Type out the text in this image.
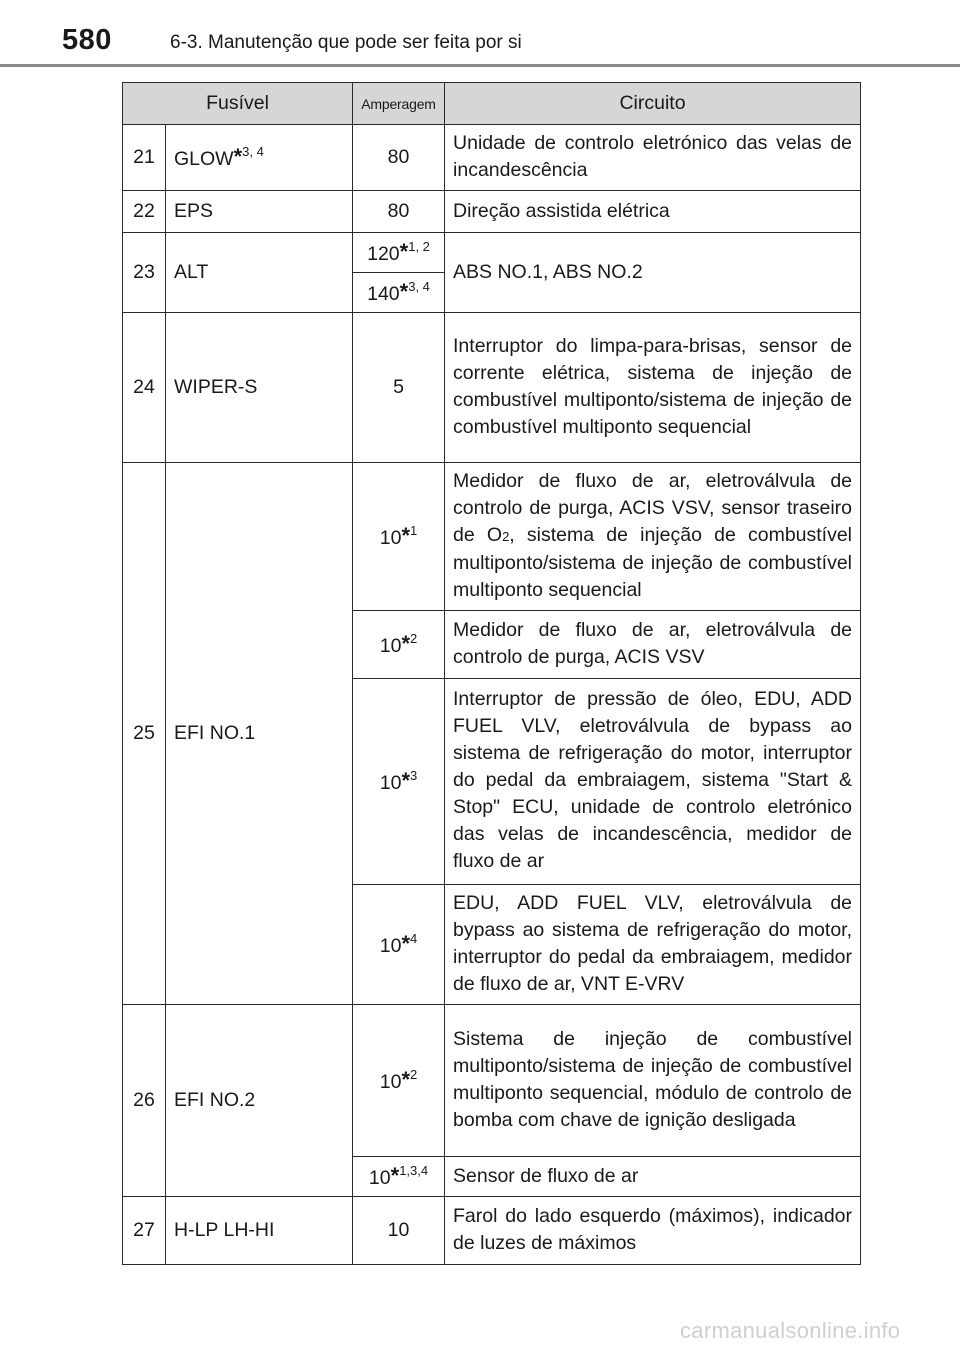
580	6-3. Manutenção que pode ser feita por si
Fusível		Amperagem	Circuito
21	GLOW*$^{3, 4}$	80	Unidade de controlo eletrónico das velas de incandescência
22	EPS	80	Direção assistida elétrica
23	ALT	120*$^{1, 2}$	ABS NO.1, ABS NO.2
		140*$^{3, 4}$
24	WIPER-S	5	Interruptor do limpa-para-brisas, sensor de corrente elétrica, sistema de injeção de combustível multiponto/sistema de injeção de combustível multiponto sequencial
25	EFI NO.1	10*$^1$	Medidor de fluxo de ar, eletroválvula de controlo de purga, ACIS VSV, sensor traseiro de O2, sistema de injeção de combustível multiponto/sistema de injeção de combustível multiponto sequencial
		10*$^2$	Medidor de fluxo de ar, eletroválvula de controlo de purga, ACIS VSV
		10*$^3$	Interruptor de pressão de óleo, EDU, ADD FUEL VLV, eletroválvula de bypass ao sistema de refrigeração do motor, interruptor do pedal da embraiagem, sistema "Start & Stop" ECU, unidade de controlo eletrónico das velas de incandescência, medidor de fluxo de ar
		10*$^4$	EDU, ADD FUEL VLV, eletroválvula de bypass ao sistema de refrigeração do motor, interruptor do pedal da embraiagem, medidor de fluxo de ar, VNT E-VRV
26	EFI NO.2	10*$^2$	Sistema de injeção de combustível multiponto/sistema de injeção de combustível multiponto sequencial, módulo de controlo de bomba com chave de ignição desligada
		10*$^{1,3,4}$	Sensor de fluxo de ar
27	H-LP LH-HI	10	Farol do lado esquerdo (máximos), indicador de luzes de máximos
carmanualsonline.info
